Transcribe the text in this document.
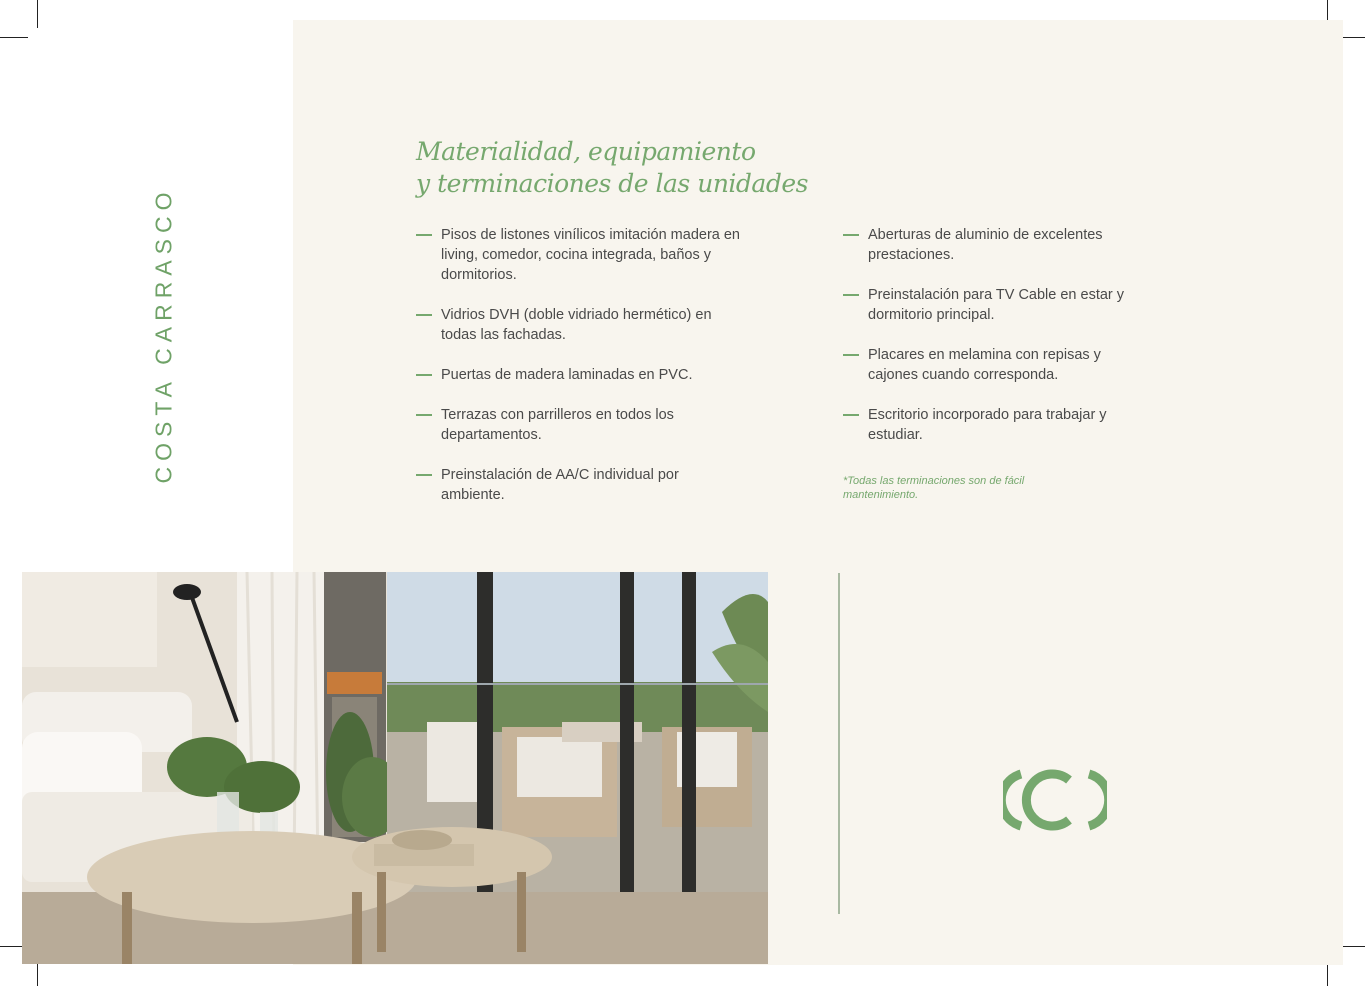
COSTA CARRASCO
Materialidad, equipamiento
y terminaciones de las unidades
Pisos de listones vinílicos imitación madera en living, comedor, cocina integrada, baños y dormitorios.
Vidrios DVH (doble vidriado hermético) en todas las fachadas.
Puertas de madera laminadas en PVC.
Terrazas con parrilleros en todos los departamentos.
Preinstalación de AA/C individual por ambiente.
Aberturas de aluminio de excelentes prestaciones.
Preinstalación para TV Cable en estar y dormitorio principal.
Placares en melamina con repisas y cajones cuando corresponda.
Escritorio incorporado para trabajar y estudiar.
*Todas las terminaciones son de fácil mantenimiento.
